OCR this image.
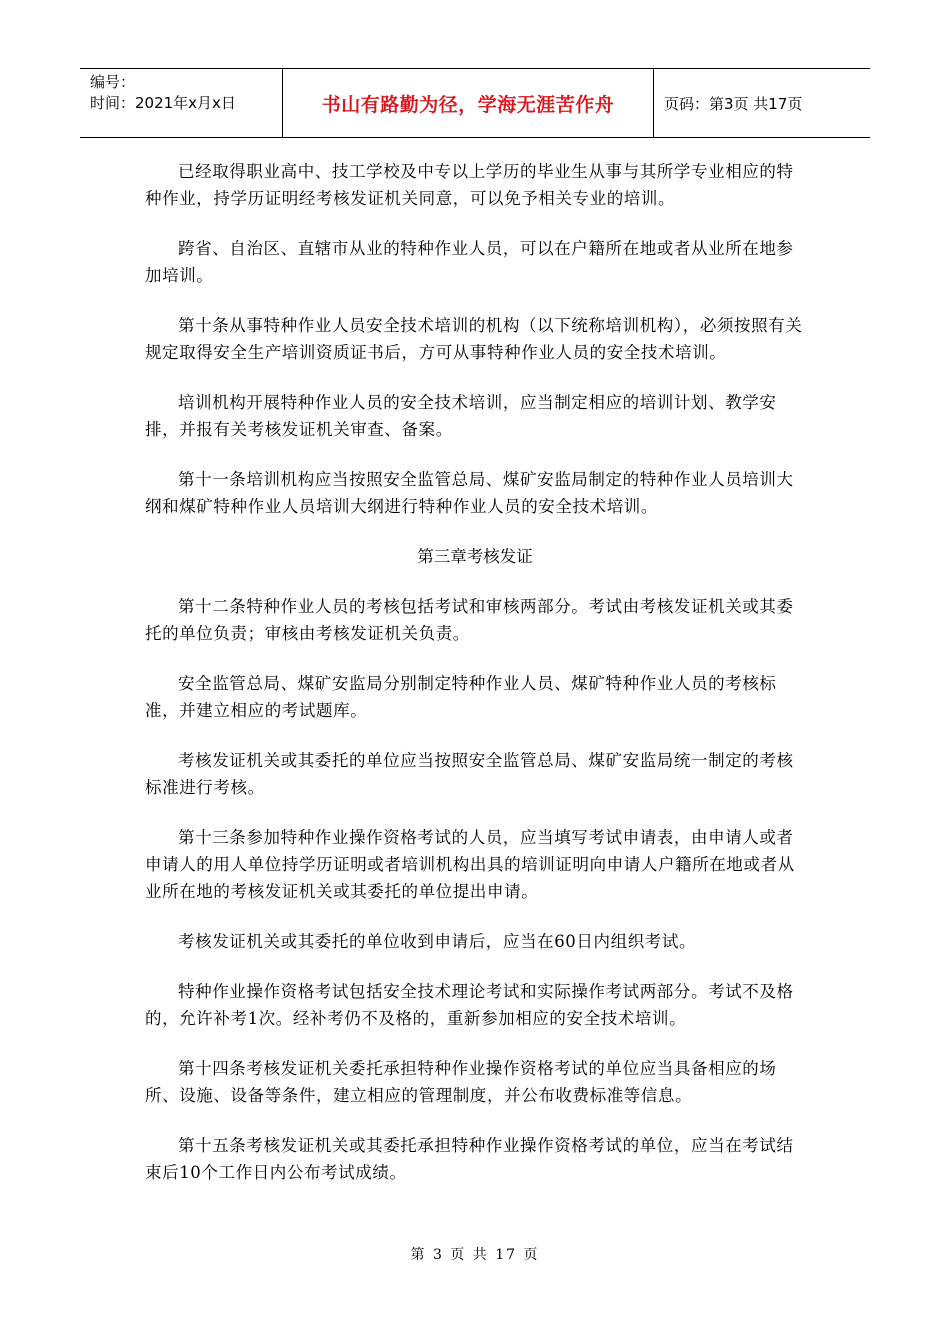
编号：
时间：2021年x月x日	书山有路勤为径，学海无涯苦作舟	页码：第3页 共17页

已经取得职业高中、技工学校及中专以上学历的毕业生从事与其所学专业相应的特种作业，持学历证明经考核发证机关同意，可以免予相关专业的培训。

跨省、自治区、直辖市从业的特种作业人员，可以在户籍所在地或者从业所在地参加培训。

第十条从事特种作业人员安全技术培训的机构（以下统称培训机构），必须按照有关规定取得安全生产培训资质证书后，方可从事特种作业人员的安全技术培训。

培训机构开展特种作业人员的安全技术培训，应当制定相应的培训计划、教学安排，并报有关考核发证机关审查、备案。

第十一条培训机构应当按照安全监管总局、煤矿安监局制定的特种作业人员培训大纲和煤矿特种作业人员培训大纲进行特种作业人员的安全技术培训。

第三章考核发证

第十二条特种作业人员的考核包括考试和审核两部分。考试由考核发证机关或其委托的单位负责；审核由考核发证机关负责。

安全监管总局、煤矿安监局分别制定特种作业人员、煤矿特种作业人员的考核标准，并建立相应的考试题库。

考核发证机关或其委托的单位应当按照安全监管总局、煤矿安监局统一制定的考核标准进行考核。

第十三条参加特种作业操作资格考试的人员，应当填写考试申请表，由申请人或者申请人的用人单位持学历证明或者培训机构出具的培训证明向申请人户籍所在地或者从业所在地的考核发证机关或其委托的单位提出申请。

考核发证机关或其委托的单位收到申请后，应当在60日内组织考试。

特种作业操作资格考试包括安全技术理论考试和实际操作考试两部分。考试不及格的，允许补考1次。经补考仍不及格的，重新参加相应的安全技术培训。

第十四条考核发证机关委托承担特种作业操作资格考试的单位应当具备相应的场所、设施、设备等条件，建立相应的管理制度，并公布收费标准等信息。

第十五条考核发证机关或其委托承担特种作业操作资格考试的单位，应当在考试结束后10个工作日内公布考试成绩。

第 3 页 共 17 页
